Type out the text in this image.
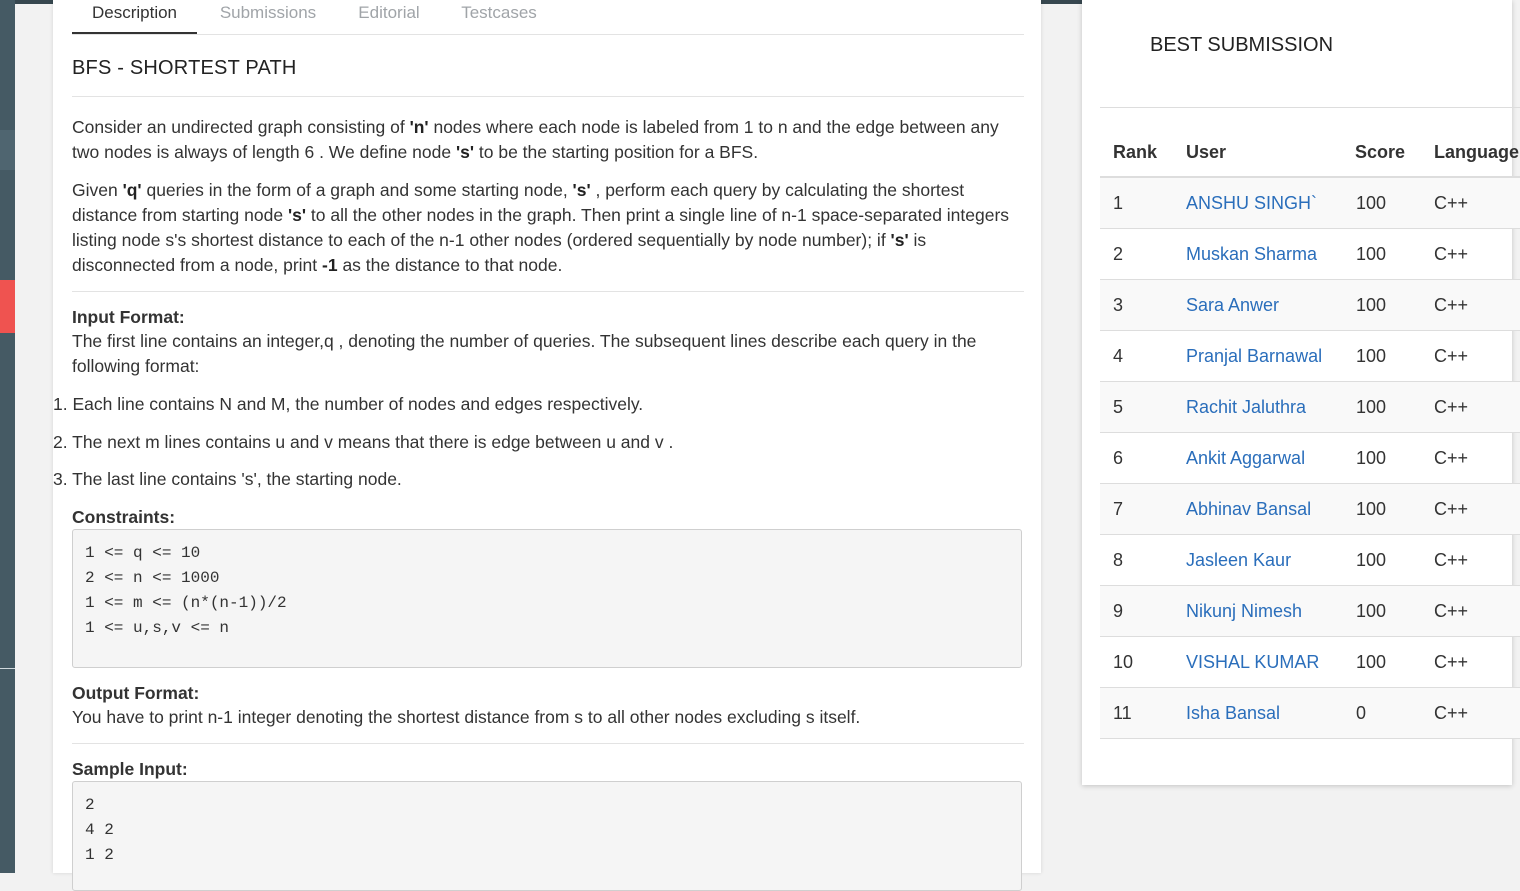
Description	Submissions Editorial Testcases
BFS - SHORTEST PATH
Consider an undirected graph consisting of 'n' nodes where each node is labeled from 1 to n and the edge between any two nodes is always of length 6 . We define node 's' to be the starting position for a BFS.
Given 'q' queries in the form of a graph and some starting node, 's' , perform each query by calculating the shortest distance from starting node 's' to all the other nodes in the graph. Then print a single line of n-1 space-separated integers listing node s's shortest distance to each of the n-1 other nodes (ordered sequentially by node number); if 's' is disconnected from a node, print -1 as the distance to that node.
Input Format:
The first line contains an integer,q , denoting the number of queries. The subsequent lines describe each query in the following format:
1. Each line contains N and M, the number of nodes and edges respectively.
2. The next m lines contains u and v means that there is edge between u and v .
3. The last line contains 's', the starting node.
Constraints:
1 <= q <= 10
2 <= n <= 1000
1 <= m <= (n*(n-1))/2
1 <= u,s,v <= n
Output Format:
You have to print n-1 integer denoting the shortest distance from s to all other nodes excluding s itself.
Sample Input:
2
4 2
1 2
BEST SUBMISSION
Rank User	Score Language
1	ANSHU SINGH` 100	C++
2	Muskan Sharma 100	C++
3	Sara Anwer	100	C++
4	Pranjal Barnawal 100	C++
5	Rachit Jaluthra	100	C++
6	Ankit Aggarwal	100	C++
7	Abhinav Bansal 100	C++
8	Jasleen Kaur	100	C++
9	Nikunj Nimesh	100	C++
10	VISHAL KUMAR 100	C++
11	Isha Bansal	0	C++
